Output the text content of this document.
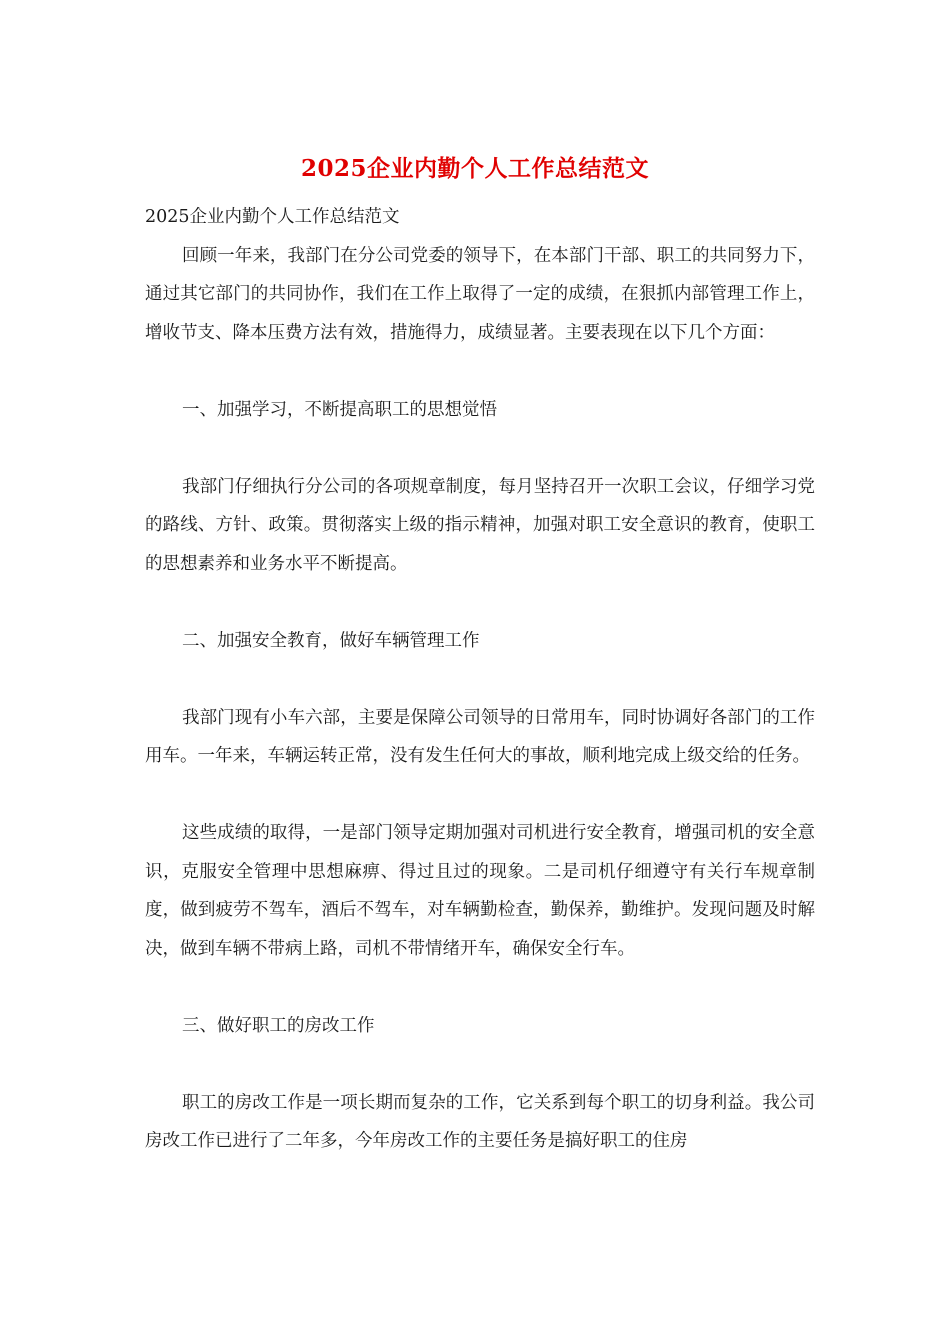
2025企业内勤个人工作总结范文

2025企业内勤个人工作总结范文

回顾一年来，我部门在分公司党委的领导下，在本部门干部、职工的共同努力下，通过其它部门的共同协作，我们在工作上取得了一定的成绩，在狠抓内部管理工作上，增收节支、降本压费方法有效，措施得力，成绩显著。主要表现在以下几个方面：

一、加强学习，不断提高职工的思想觉悟

我部门仔细执行分公司的各项规章制度，每月坚持召开一次职工会议，仔细学习党的路线、方针、政策。贯彻落实上级的指示精神，加强对职工安全意识的教育，使职工的思想素养和业务水平不断提高。

二、加强安全教育，做好车辆管理工作

我部门现有小车六部，主要是保障公司领导的日常用车，同时协调好各部门的工作用车。一年来，车辆运转正常，没有发生任何大的事故，顺利地完成上级交给的任务。

这些成绩的取得，一是部门领导定期加强对司机进行安全教育，增强司机的安全意识，克服安全管理中思想麻痹、得过且过的现象。二是司机仔细遵守有关行车规章制度，做到疲劳不驾车，酒后不驾车，对车辆勤检查，勤保养，勤维护。发现问题及时解决，做到车辆不带病上路，司机不带情绪开车，确保安全行车。

三、做好职工的房改工作

职工的房改工作是一项长期而复杂的工作，它关系到每个职工的切身利益。我公司房改工作已进行了二年多，今年房改工作的主要任务是搞好职工的住房
